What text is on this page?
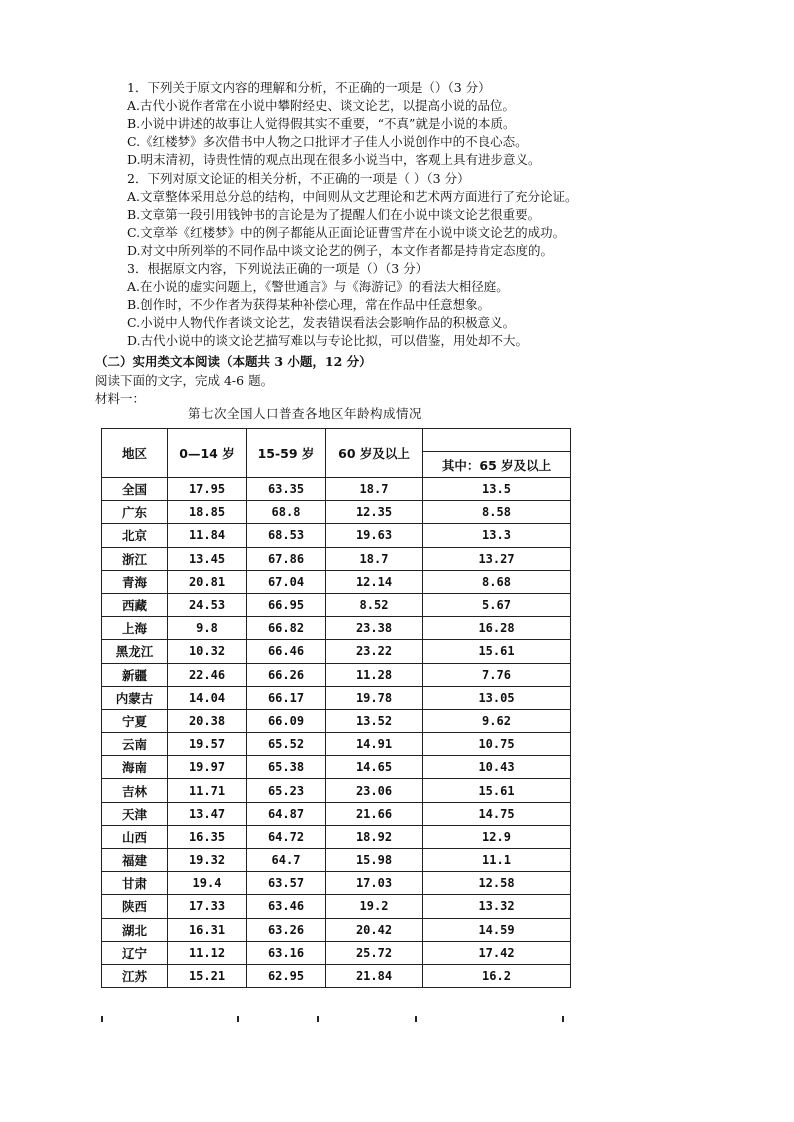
1．下列关于原文内容的理解和分析，不正确的一项是（）（3 分）
A.古代小说作者常在小说中攀附经史、谈文论艺，以提高小说的品位。
B.小说中讲述的故事让人觉得假其实不重要，“不真”就是小说的本质。
C.《红楼梦》多次借书中人物之口批评才子佳人小说创作中的不良心态。
D.明末清初，诗贵性情的观点出现在很多小说当中，客观上具有进步意义。
2．下列对原文论证的相关分析，不正确的一项是（ ）（3 分）
A.文章整体采用总分总的结构，中间则从文艺理论和艺术两方面进行了充分论证。
B.文章第一段引用钱钟书的言论是为了提醒人们在小说中谈文论艺很重要。
C.文章举《红楼梦》中的例子都能从正面论证曹雪芹在小说中谈文论艺的成功。
D.对文中所列举的不同作品中谈文论艺的例子，本文作者都是持肯定态度的。
3．根据原文内容，下列说法正确的一项是（）（3 分）
A.在小说的虚实问题上，《警世通言》与《海游记》的看法大相径庭。
B.创作时，不少作者为获得某种补偿心理，常在作品中任意想象。
C.小说中人物代作者谈文论艺，发表错误看法会影响作品的积极意义。
D.古代小说中的谈文论艺描写难以与专论比拟，可以借鉴，用处却不大。
（二）实用类文本阅读（本题共 3 小题，12 分）
阅读下面的文字，完成 4-6 题。
材料一：
第七次全国人口普查各地区年龄构成情况
地区	0—14 岁	15-59 岁	60 岁及以上	
				其中：65 岁及以上
全国	17.95	63.35	18.7	13.5
广东	18.85	68.8	12.35	8.58
北京	11.84	68.53	19.63	13.3
浙江	13.45	67.86	18.7	13.27
青海	20.81	67.04	12.14	8.68
西藏	24.53	66.95	8.52	5.67
上海	9.8	66.82	23.38	16.28
黑龙江	10.32	66.46	23.22	15.61
新疆	22.46	66.26	11.28	7.76
内蒙古	14.04	66.17	19.78	13.05
宁夏	20.38	66.09	13.52	9.62
云南	19.57	65.52	14.91	10.75
海南	19.97	65.38	14.65	10.43
吉林	11.71	65.23	23.06	15.61
天津	13.47	64.87	21.66	14.75
山西	16.35	64.72	18.92	12.9
福建	19.32	64.7	15.98	11.1
甘肃	19.4	63.57	17.03	12.58
陕西	17.33	63.46	19.2	13.32
湖北	16.31	63.26	20.42	14.59
辽宁	11.12	63.16	25.72	17.42
江苏	15.21	62.95	21.84	16.2
